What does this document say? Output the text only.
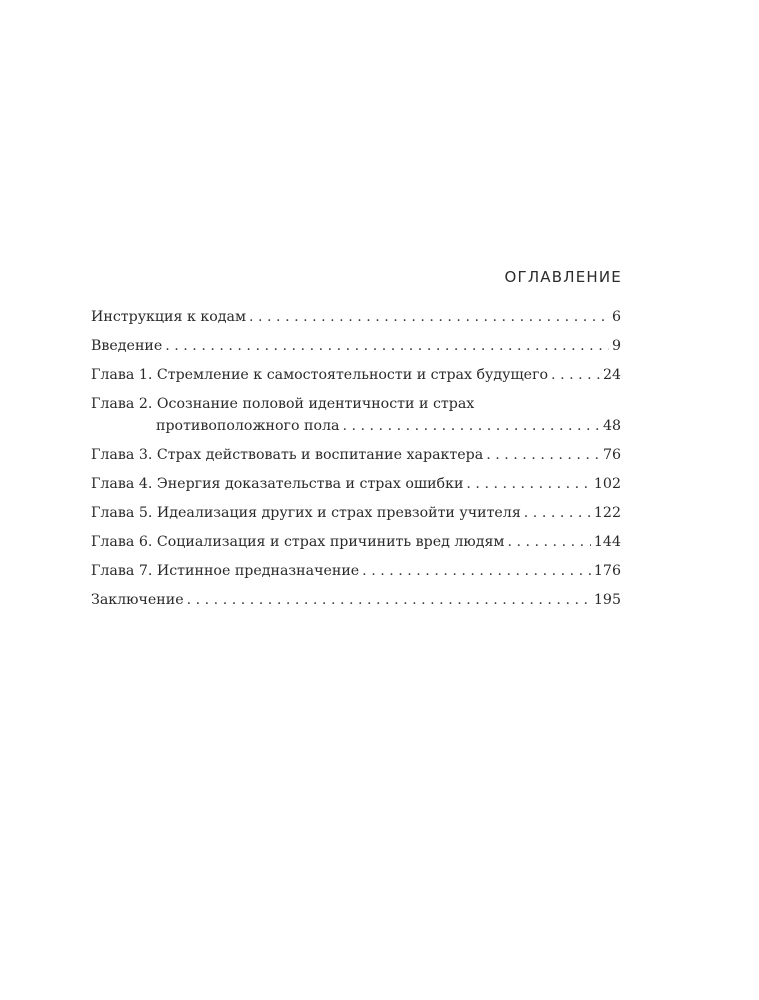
ОГЛАВЛЕНИЕ
Инструкция к кодам . . .	6
Введение . . .	9
Глава 1. Стремление к самостоятельности и страх будущего . . .	24
Глава 2. Осознание половой идентичности и страх
противоположного пола . . .	48
Глава 3. Страх действовать и воспитание характера . . .	76
Глава 4. Энергия доказательства и страх ошибки . . .	102
Глава 5. Идеализация других и страх превзойти учителя . . .	122
Глава 6. Социализация и страх причинить вред людям . . .	144
Глава 7. Истинное предназначение . . .	176
Заключение . . .	195
